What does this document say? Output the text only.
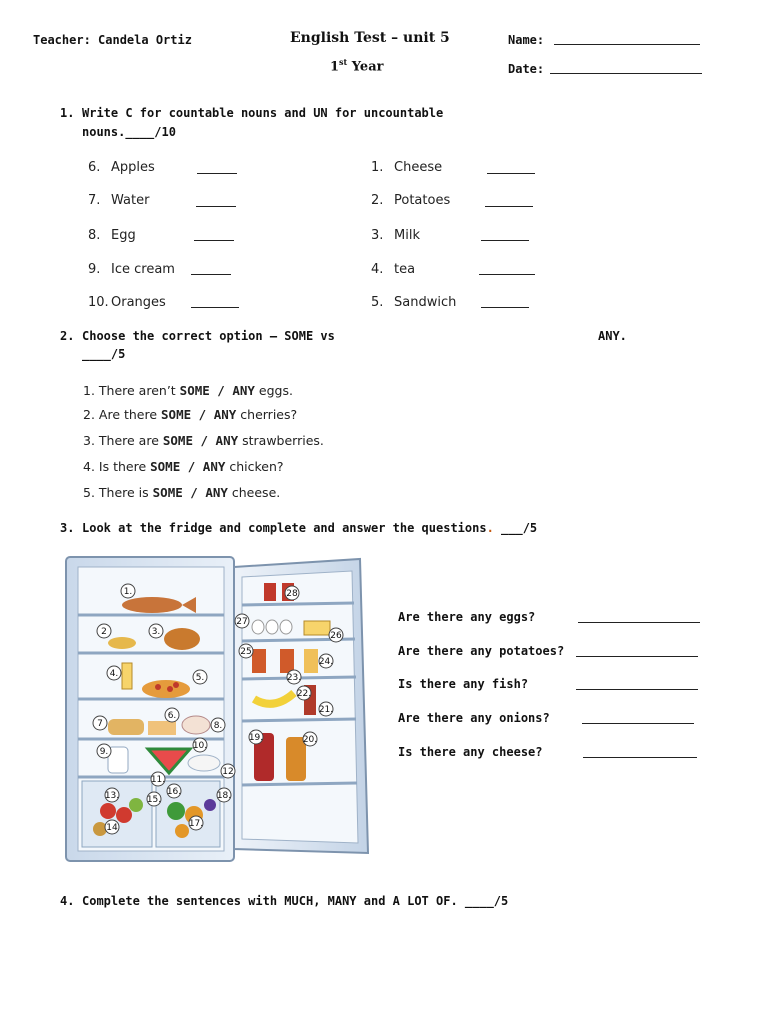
Teacher: Candela Ortiz	English Test – unit 5
1st Year
Name:
Date:
1. Write C for countable nouns and UN for uncountable
nouns.____/10
6. Apples
7. Water
8. Egg
9. Ice cream
10. Oranges
1. Cheese
2. Potatoes
3. Milk
4. tea
5. Sandwich
2. Choose the correct option – SOME vs	ANY.
____/5
1. There aren’t SOME / ANY eggs.
2. Are there SOME / ANY cherries?
3. There are SOME / ANY strawberries.
4. Is there SOME / ANY chicken?
5. There is SOME / ANY cheese.
3. Look at the fridge and complete and answer the questions. ___/5
1.
2	3.
4.	5.
6.
7	8.
9.
10.
11.
12
13.
14
15.
16.
17.
18.
19.	20.
21.
22.
23.
24.
25
26
27
28
Are there any eggs?
Are there any potatoes?
Is there any fish?
Are there any onions?
Is there any cheese?
4. Complete the sentences with MUCH, MANY and A LOT OF. ____/5
